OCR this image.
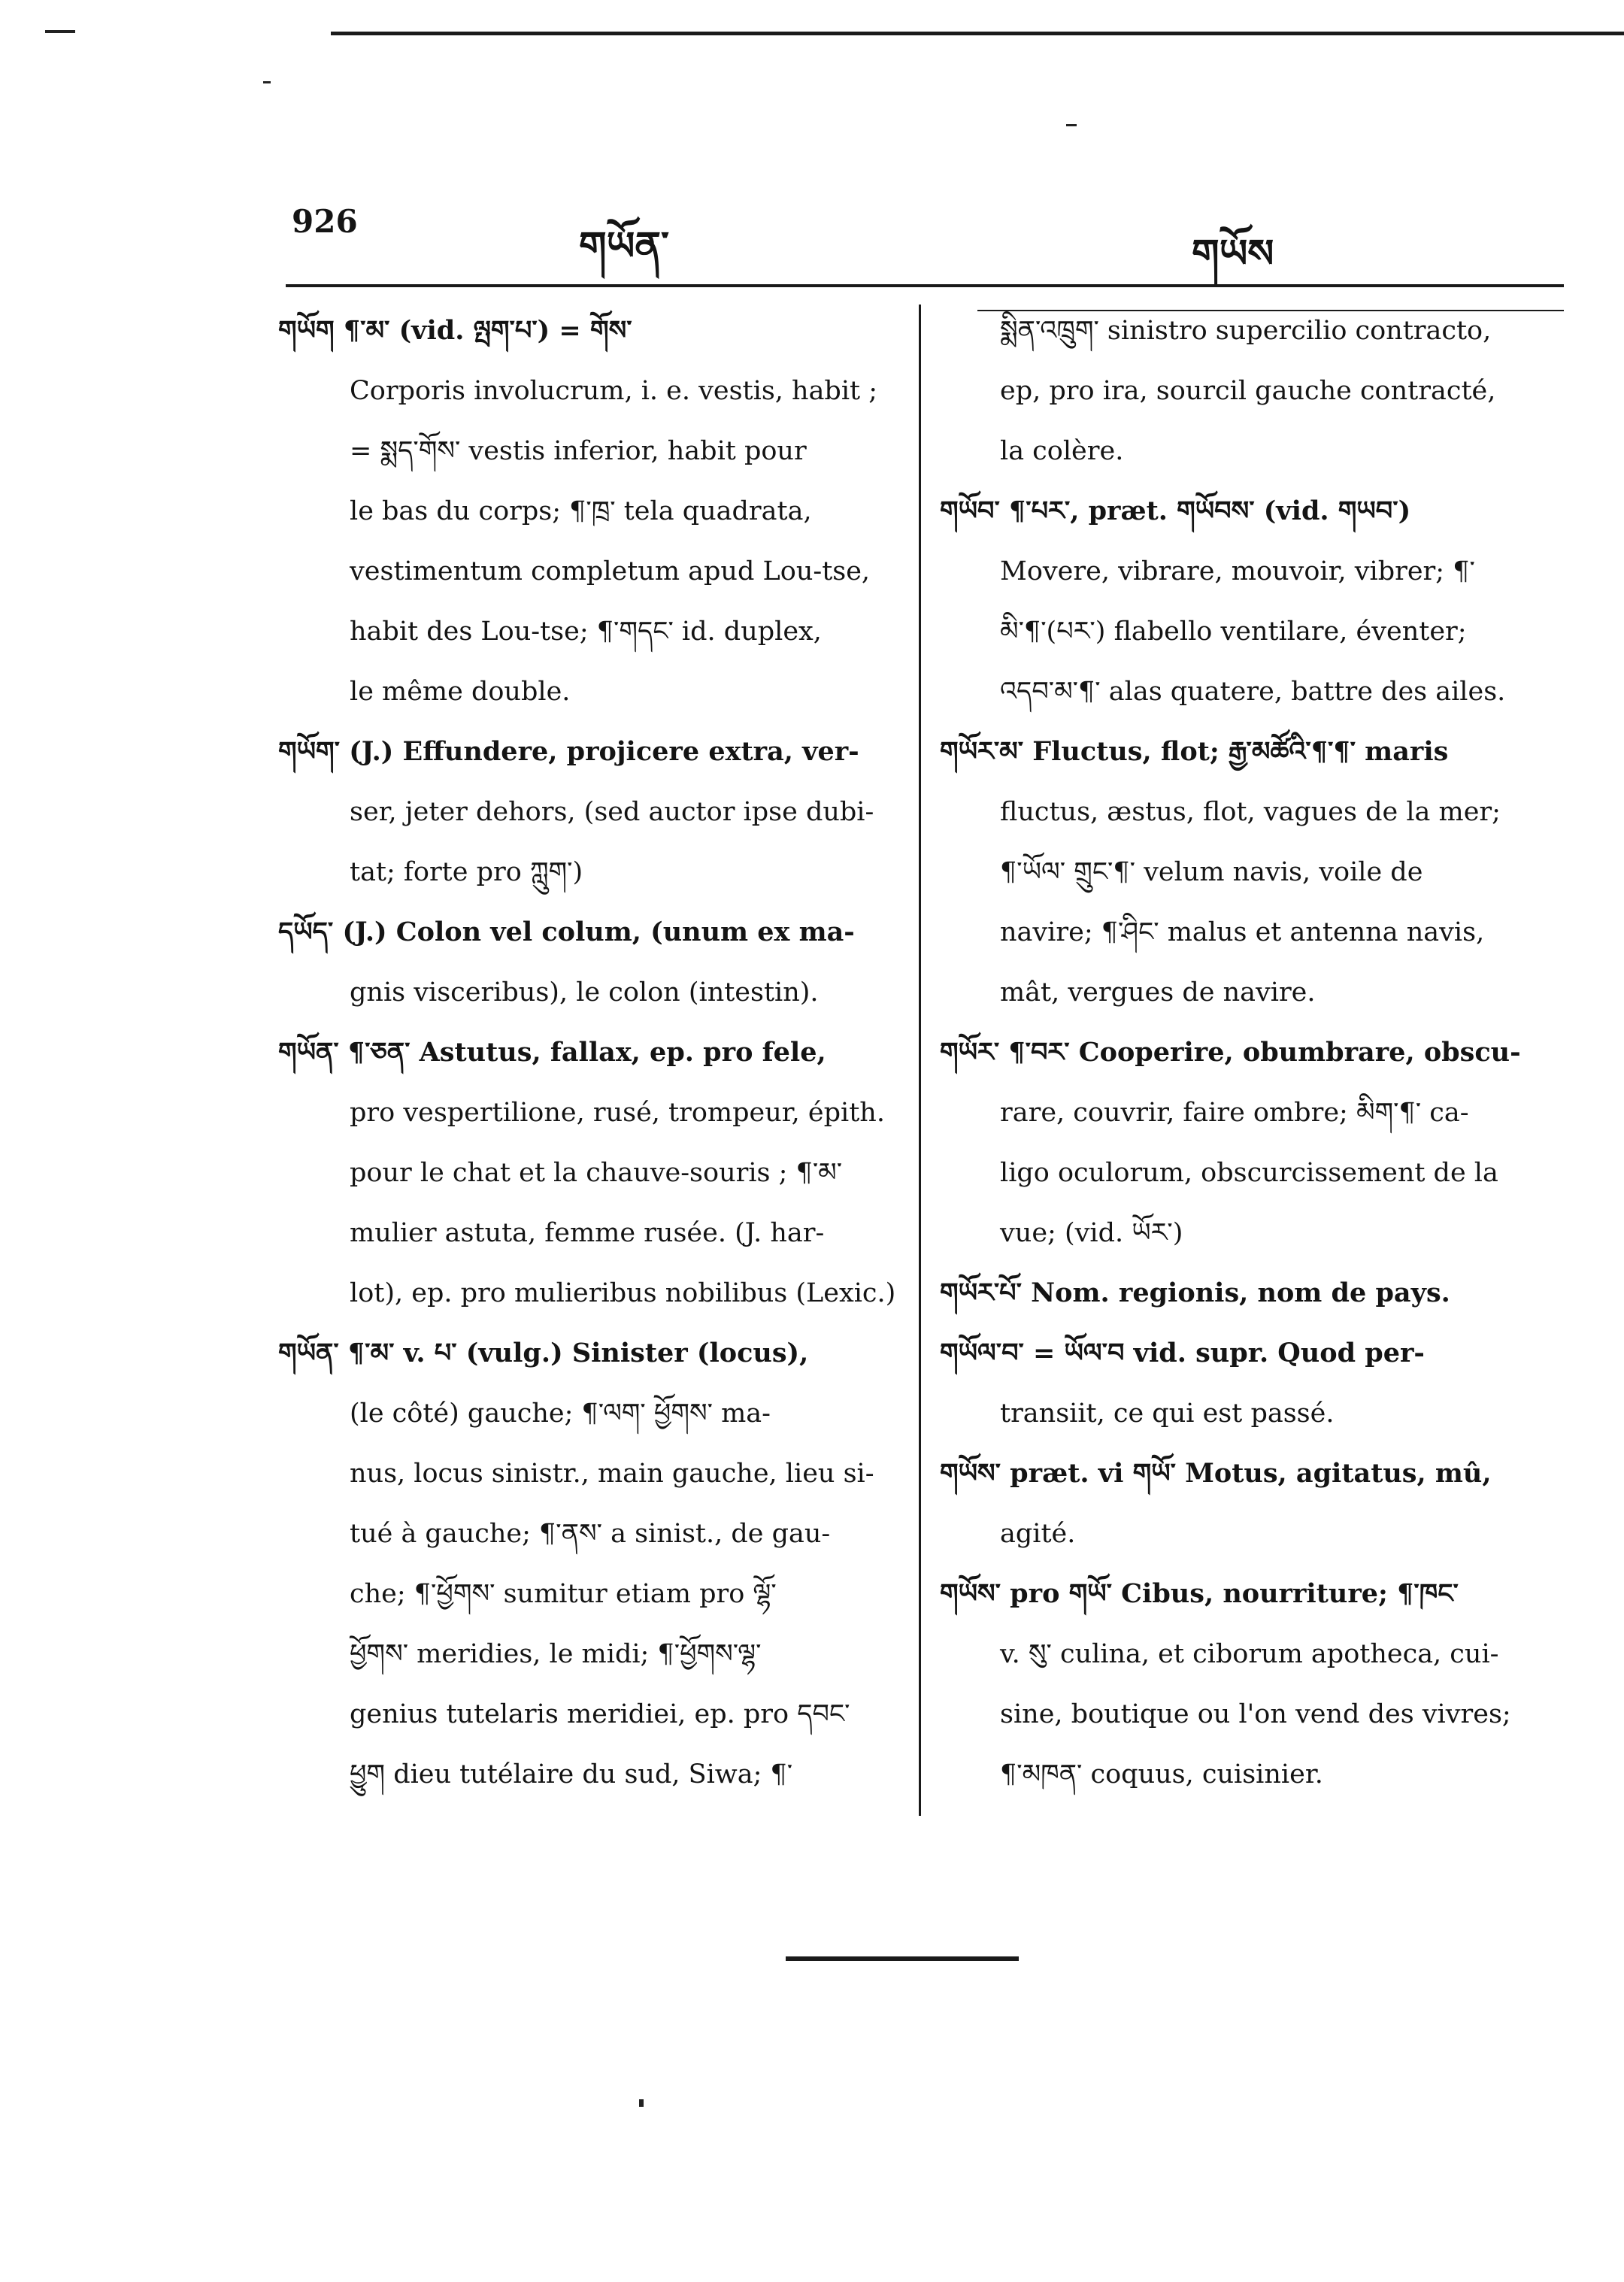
926
གཡོན་	གཡོས
གཡོག ¶་མ་ (vid. ལྤག་པ་) = གོས་
Corporis involucrum, i. e. vestis, habit ;
= སྨད་གོས་ vestis inferior, habit pour
le bas du corps; ¶་ཁྲ་ tela quadrata,
vestimentum completum apud Lou-tse,
habit des Lou-tse; ¶་གདང་ id. duplex,
le même double.
གཡོག་ (J.) Effundere, projicere extra, ver-
ser, jeter dehors, (sed auctor ipse dubi-
tat; forte pro ཀླུག་)
དཡོད་ (J.) Colon vel colum, (unum ex ma-
gnis visceribus), le colon (intestin).
གཡོན་ ¶་ཅན་ Astutus, fallax, ep. pro fele,
pro vespertilione, rusé, trompeur, épith.
pour le chat et la chauve-souris ; ¶་མ་
mulier astuta, femme rusée. (J. har-
lot), ep. pro mulieribus nobilibus (Lexic.)
གཡོན་ ¶་མ་ v. པ་ (vulg.) Sinister (locus),
(le côté) gauche; ¶་ལག་ ཕྱོགས་ ma-
nus, locus sinistr., main gauche, lieu si-
tué à gauche; ¶་ནས་ a sinist., de gau-
che; ¶་ཕྱོགས་ sumitur etiam pro ལྷོ་
ཕྱོགས་ meridies, le midi; ¶་ཕྱོགས་ལྷ་
genius tutelaris meridiei, ep. pro དབང་
ཕྱུག dieu tutélaire du sud, Siwa; ¶་
སྨིན་འཁྲུག་ sinistro supercilio contracto,
ep, pro ira, sourcil gauche contracté,
la colère.
གཡོབ་ ¶་པར་, præt. གཡོབས་ (vid. གཡབ་)
Movere, vibrare, mouvoir, vibrer; ¶་
མི་¶་(པར་) flabello ventilare, éventer;
འདབ་མ་¶་ alas quatere, battre des ailes.
གཡོར་མ་ Fluctus, flot; རྒྱ་མཚོའི་¶་¶་ maris
fluctus, æstus, flot, vagues de la mer;
¶་ཡོལ་ གྲུང་¶་ velum navis, voile de
navire; ¶་ཤིང་ malus et antenna navis,
mât, vergues de navire.
གཡོར་ ¶་བར་ Cooperire, obumbrare, obscu-
rare, couvrir, faire ombre; མིག་¶་ ca-
ligo oculorum, obscurcissement de la
vue; (vid. ཡོར་)
གཡོར་པོ་ Nom. regionis, nom de pays.
གཡོལ་བ་ = ཡོལ་བ vid. supr. Quod per-
transiit, ce qui est passé.
གཡོས་ præt. vi གཡོ་ Motus, agitatus, mû,
agité.
གཡོས་ pro གཡོ་ Cibus, nourriture; ¶་ཁང་
v. སུ་ culina, et ciborum apotheca, cui-
sine, boutique ou l'on vend des vivres;
¶་མཁན་ coquus, cuisinier.
